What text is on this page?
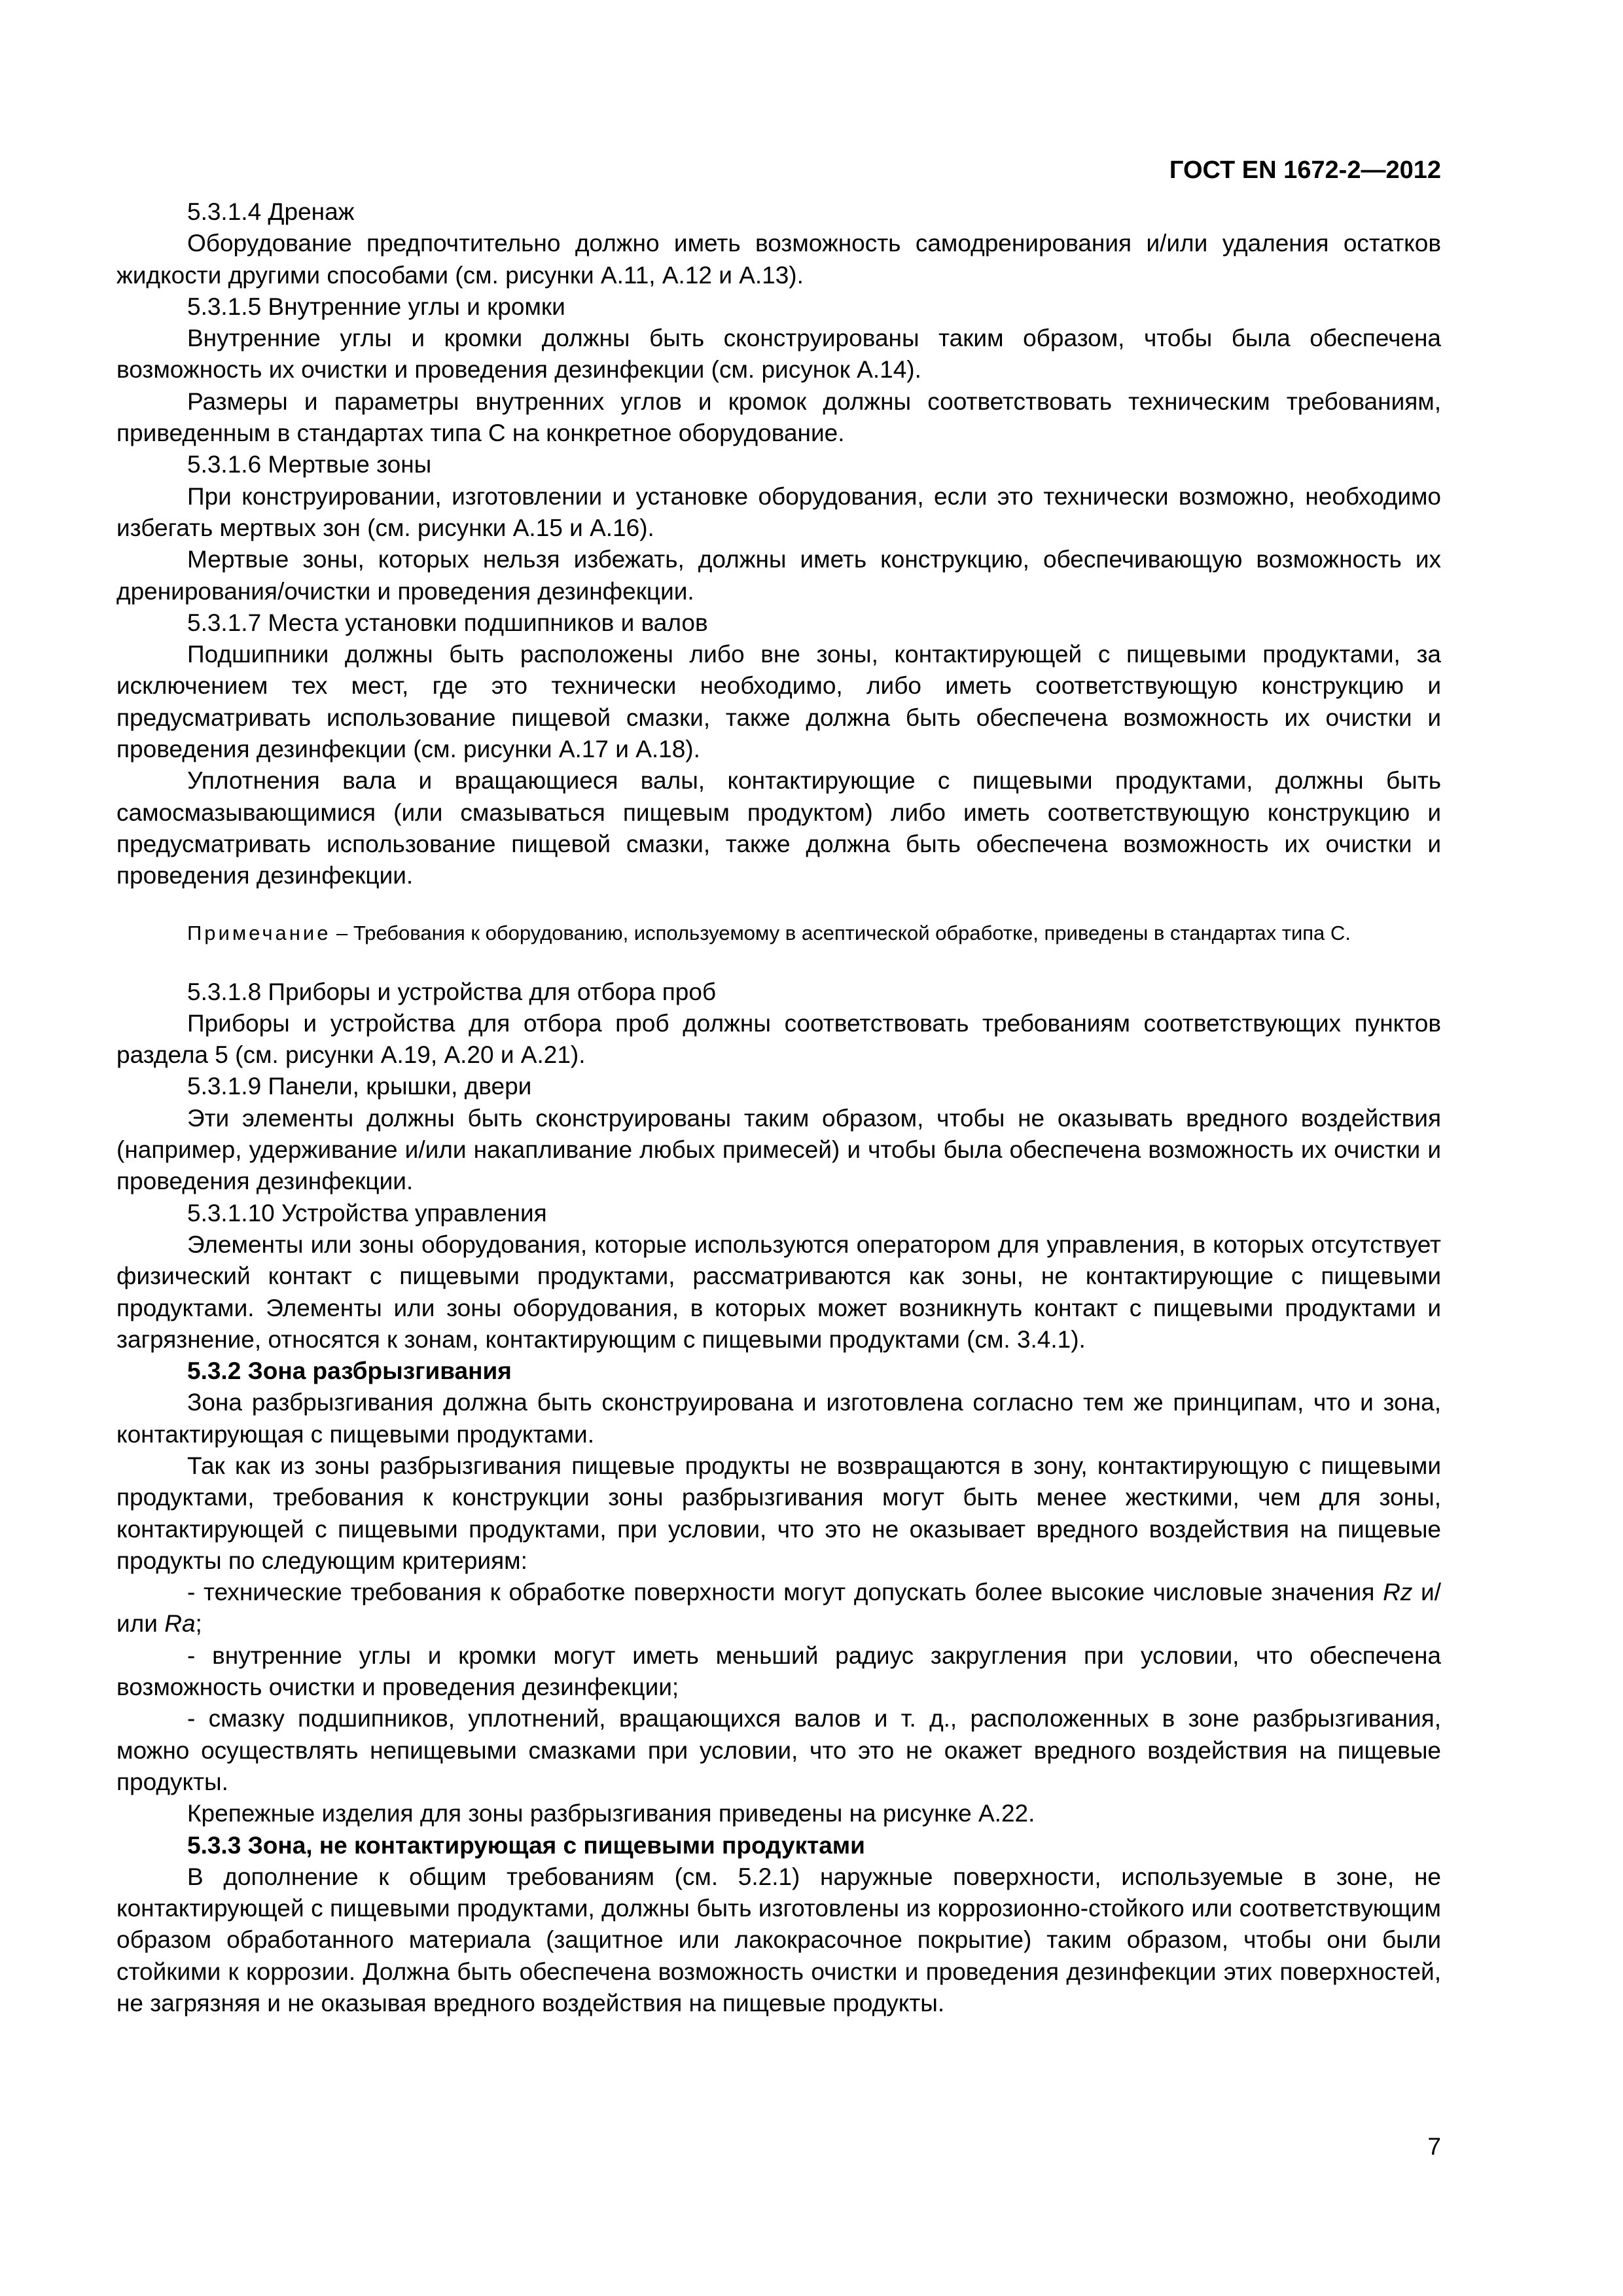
ГОСТ EN 1672-2—2012

5.3.1.4 Дренаж

Оборудование предпочтительно должно иметь возможность самодренирования и/или удаления остатков жидкости другими способами (см. рисунки А.11, А.12 и А.13).

5.3.1.5 Внутренние углы и кромки

Внутренние углы и кромки должны быть сконструированы таким образом, чтобы была обеспечена возможность их очистки и проведения дезинфекции (см. рисунок А.14).

Размеры и параметры внутренних углов и кромок должны соответствовать техническим требованиям, приведенным в стандартах типа С на конкретное оборудование.

5.3.1.6 Мертвые зоны

При конструировании, изготовлении и установке оборудования, если это технически возможно, необходимо избегать мертвых зон (см. рисунки А.15 и А.16).

Мертвые зоны, которых нельзя избежать, должны иметь конструкцию, обеспечивающую возможность их дренирования/очистки и проведения дезинфекции.

5.3.1.7 Места установки подшипников и валов

Подшипники должны быть расположены либо вне зоны, контактирующей с пищевыми продуктами, за исключением тех мест, где это технически необходимо, либо иметь соответствующую конструкцию и предусматривать использование пищевой смазки, также должна быть обеспечена возможность их очистки и проведения дезинфекции (см. рисунки А.17 и А.18).

Уплотнения вала и вращающиеся валы, контактирующие с пищевыми продуктами, должны быть самосмазывающимися (или смазываться пищевым продуктом) либо иметь соответствующую конструкцию и предусматривать использование пищевой смазки, также должна быть обеспечена возможность их очистки и проведения дезинфекции.

Примечание – Требования к оборудованию, используемому в асептической обработке, приведены в стандартах типа С.

5.3.1.8 Приборы и устройства для отбора проб

Приборы и устройства для отбора проб должны соответствовать требованиям соответствующих пунктов раздела 5 (см. рисунки А.19, А.20 и А.21).

5.3.1.9 Панели, крышки, двери

Эти элементы должны быть сконструированы таким образом, чтобы не оказывать вредного воздействия (например, удерживание и/или накапливание любых примесей) и чтобы была обеспечена возможность их очистки и проведения дезинфекции.

5.3.1.10 Устройства управления

Элементы или зоны оборудования, которые используются оператором для управления, в которых отсутствует физический контакт с пищевыми продуктами, рассматриваются как зоны, не контактирующие с пищевыми продуктами. Элементы или зоны оборудования, в которых может возникнуть контакт с пищевыми продуктами и загрязнение, относятся к зонам, контактирующим с пищевыми продуктами (см. 3.4.1).

5.3.2 Зона разбрызгивания

Зона разбрызгивания должна быть сконструирована и изготовлена согласно тем же принципам, что и зона, контактирующая с пищевыми продуктами.

Так как из зоны разбрызгивания пищевые продукты не возвращаются в зону, контактирующую с пищевыми продуктами, требования к конструкции зоны разбрызгивания могут быть менее жесткими, чем для зоны, контактирующей с пищевыми продуктами, при условии, что это не оказывает вредного воздействия на пищевые продукты по следующим критериям:

- технические требования к обработке поверхности могут допускать более высокие числовые значения Rz и/или Ra;

- внутренние углы и кромки могут иметь меньший радиус закругления при условии, что обеспечена возможность очистки и проведения дезинфекции;

- смазку подшипников, уплотнений, вращающихся валов и т. д., расположенных в зоне разбрызгивания, можно осуществлять непищевыми смазками при условии, что это не окажет вредного воздействия на пищевые продукты.

Крепежные изделия для зоны разбрызгивания приведены на рисунке А.22.

5.3.3 Зона, не контактирующая с пищевыми продуктами

В дополнение к общим требованиям (см. 5.2.1) наружные поверхности, используемые в зоне, не контактирующей с пищевыми продуктами, должны быть изготовлены из коррозионно-стойкого или соответствующим образом обработанного материала (защитное или лакокрасочное покрытие) таким образом, чтобы они были стойкими к коррозии. Должна быть обеспечена возможность очистки и проведения дезинфекции этих поверхностей, не загрязняя и не оказывая вредного воздействия на пищевые продукты.

7
